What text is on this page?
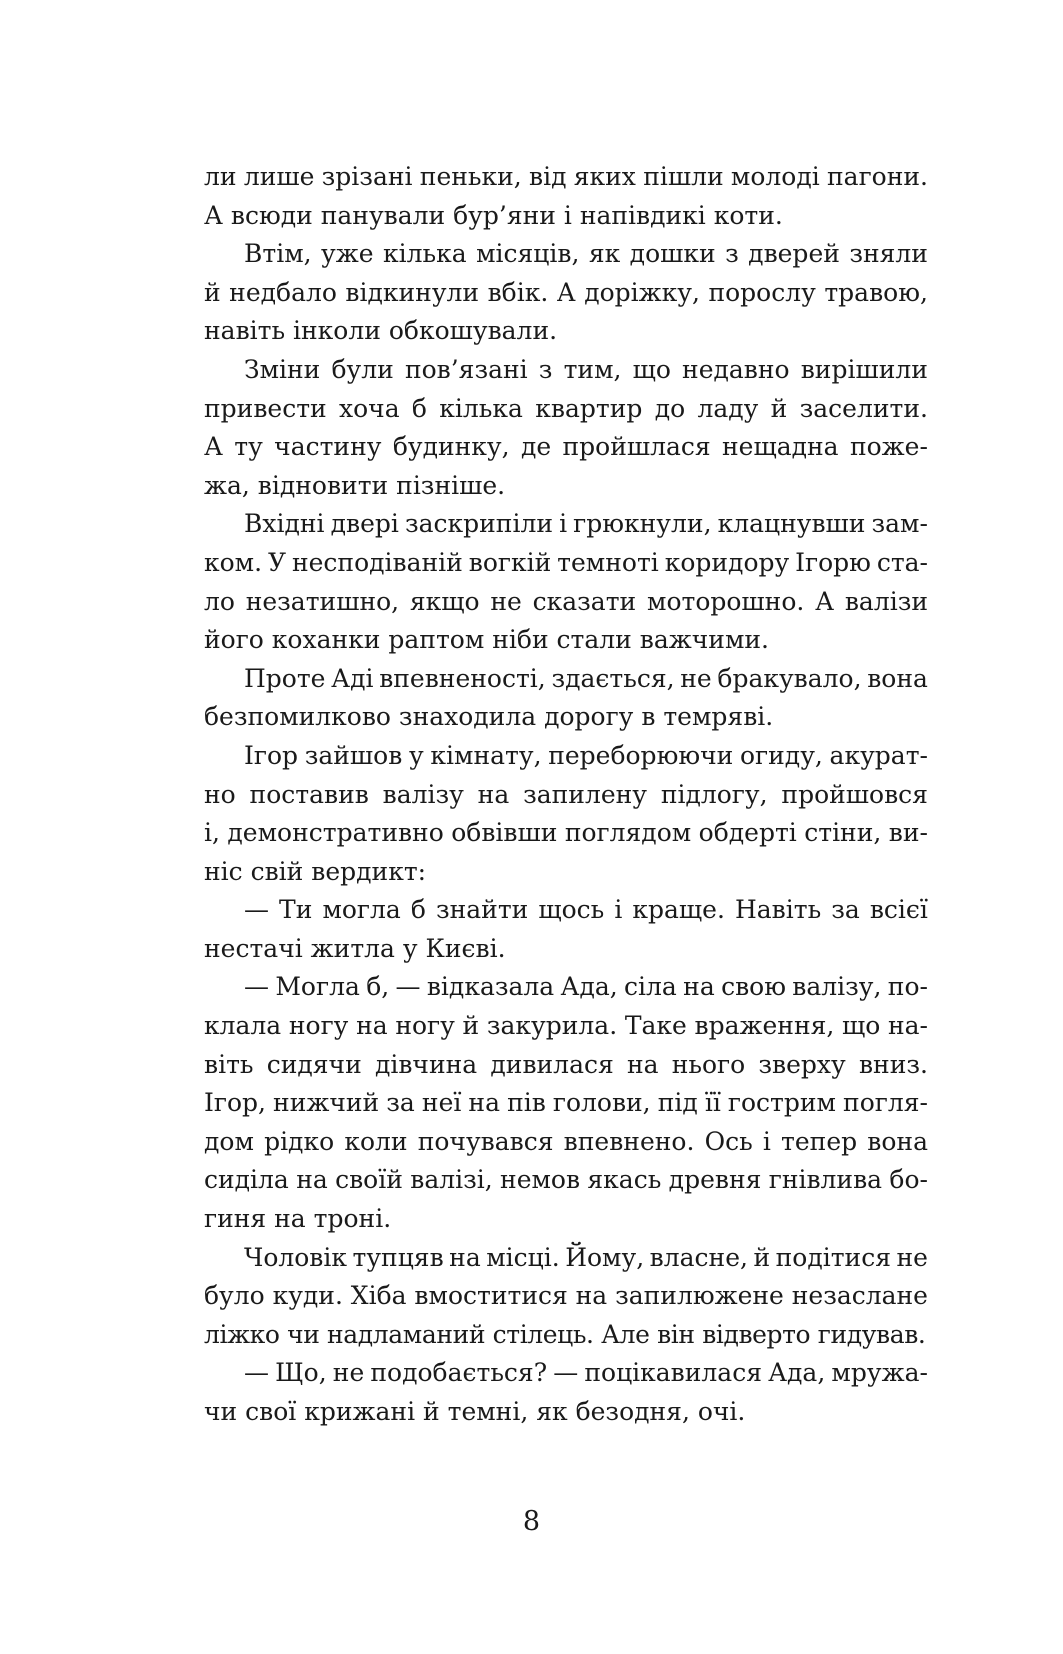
ли лише зрізані пеньки, від яких пішли молоді пагони.
А всюди панували бур’яни і напівдикі коти.
Втім, уже кілька місяців, як дошки з дверей зняли
й недбало відкинули вбік. А доріжку, порослу травою,
навіть інколи обкошували.
Зміни були пов’язані з тим, що недавно вирішили
привести хоча б кілька квартир до ладу й заселити.
А ту частину будинку, де пройшлася нещадна поже-
жа, відновити пізніше.
Вхідні двері заскрипіли і грюкнули, клацнувши зам-
ком. У несподіваній вогкій темноті коридору Ігорю ста-
ло незатишно, якщо не сказати моторошно. А валізи
його коханки раптом ніби стали важчими.
Проте Аді впевненості, здається, не бракувало, вона
безпомилково знаходила дорогу в темряві.
Ігор зайшов у кімнату, переборюючи огиду, акурат-
но поставив валізу на запилену підлогу, пройшовся
і, демонстративно обвівши поглядом обдерті стіни, ви-
ніс свій вердикт:
— Ти могла б знайти щось і краще. Навіть за всієї
нестачі житла у Києві.
— Могла б, — відказала Ада, сіла на свою валізу, по-
клала ногу на ногу й закурила. Таке враження, що на-
віть сидячи дівчина дивилася на нього зверху вниз.
Ігор, нижчий за неї на пів голови, під її гострим погля-
дом рідко коли почувався впевнено. Ось і тепер вона
сиділа на своїй валізі, немов якась древня гнівлива бо-
гиня на троні.
Чоловік тупцяв на місці. Йому, власне, й подітися не
було куди. Хіба вмоститися на запилюжене незаслане
ліжко чи надламаний стілець. Але він відверто гидував.
— Що, не подобається? — поцікавилася Ада, мружа-
чи свої крижані й темні, як безодня, очі.
8
